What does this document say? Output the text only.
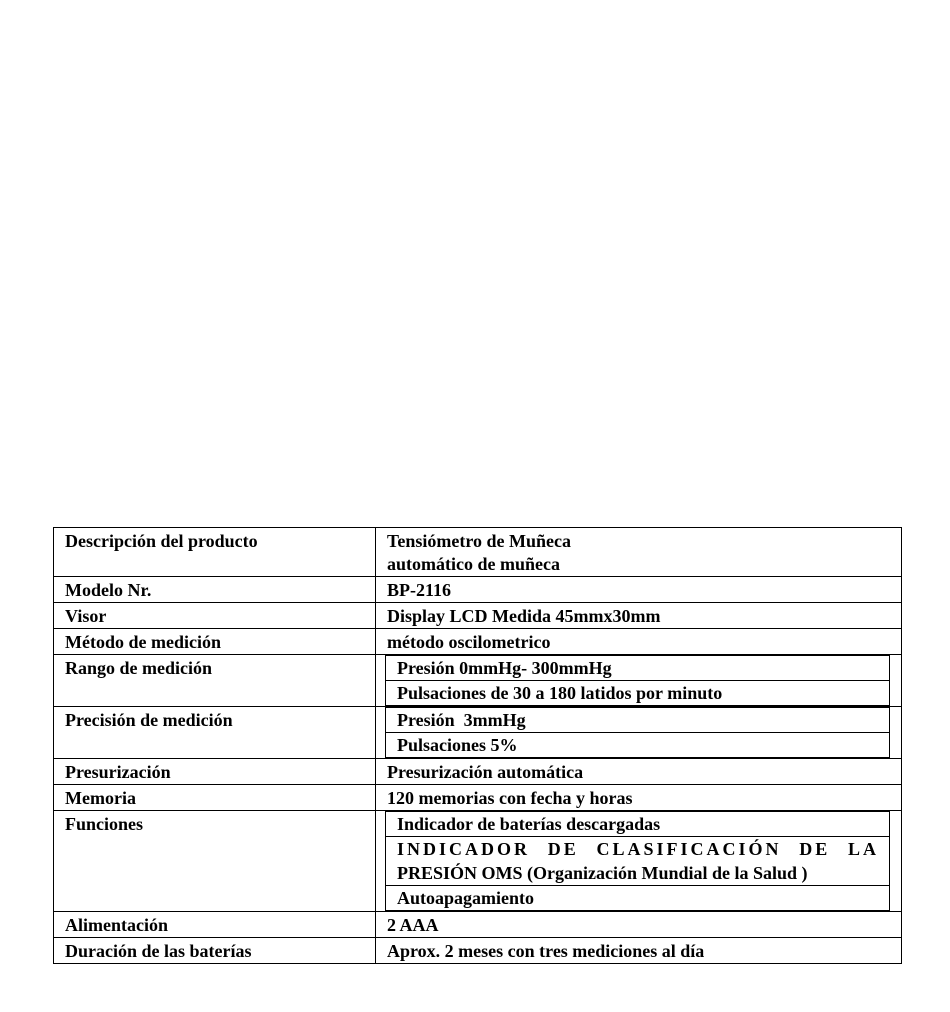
Descripción del producto	Tensiómetro de Muñeca
automático de muñeca

Modelo Nr.	BP-2116

Visor	Display LCD Medida 45mmx30mm

Método de medición	método oscilometrico

Rango de medición	Presión 0mmHg- 300mmHg
Pulsaciones de 30 a 180 latidos por minuto

Precisión de medición	Presión  3mmHg
Pulsaciones 5%

Presurización	Presurización automática

Memoria	120 memorias con fecha y horas

Funciones	Indicador de baterías descargadas
INDICADOR DE CLASIFICACIÓN DE LA
PRESIÓN OMS (Organización Mundial de la Salud )
Autoapagamiento

Alimentación	2 AAA

Duración de las baterías	Aprox. 2 meses con tres mediciones al día
